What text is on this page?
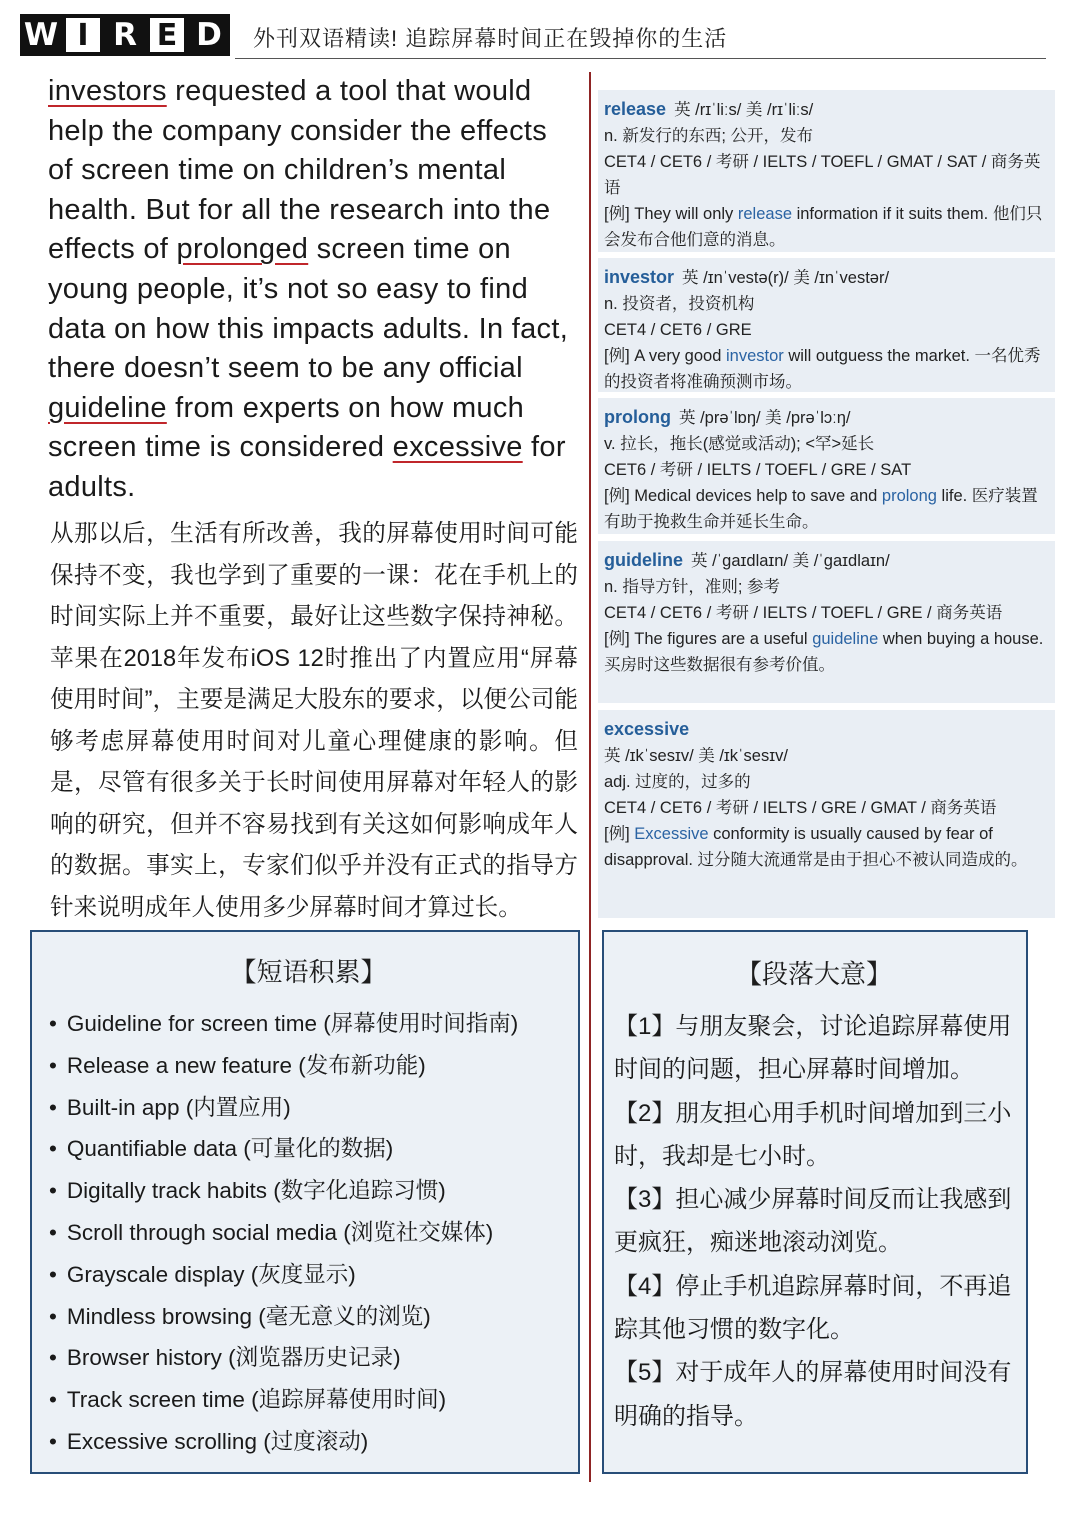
W I R E D	外刊双语精读! 追踪屏幕时间正在毁掉你的生活
investors requested a tool that would help the company consider the effects of screen time on children’s mental health. But for all the research into the effects of prolonged screen time on young people, it’s not so easy to find data on how this impacts adults. In fact, there doesn’t seem to be any official guideline from experts on how much screen time is considered excessive for adults.
从那以后，生活有所改善，我的屏幕使用时间可能保持不变，我也学到了重要的一课：花在手机上的时间实际上并不重要，最好让这些数字保持神秘。苹果在2018年发布iOS 12时推出了内置应用“屏幕使用时间”，主要是满足大股东的要求，以便公司能够考虑屏幕使用时间对儿童心理健康的影响。但是，尽管有很多关于长时间使用屏幕对年轻人的影响的研究，但并不容易找到有关这如何影响成年人的数据。事实上，专家们似乎并没有正式的指导方针来说明成年人使用多少屏幕时间才算过长。
release 英 /rɪˈliːs/ 美 /rɪˈliːs/
n. 新发行的东西; 公开，发布
CET4 / CET6 / 考研 / IELTS / TOEFL / GMAT / SAT / 商务英语
[例] They will only release information if it suits them. 他们只会发布合他们意的消息。
investor 英 /ɪnˈvestə(r)/ 美 /ɪnˈvestər/
n. 投资者，投资机构
CET4 / CET6 / GRE
[例] A very good investor will outguess the market. 一名优秀的投资者将准确预测市场。
prolong 英 /prəˈlɒŋ/ 美 /prəˈlɔːŋ/
v. 拉长，拖长(感觉或活动); <罕>延长
CET6 / 考研 / IELTS / TOEFL / GRE / SAT
[例] Medical devices help to save and prolong life. 医疗装置有助于挽救生命并延长生命。
guideline 英 /ˈɡaɪdlaɪn/ 美 /ˈɡaɪdlaɪn/
n. 指导方针，准则; 参考
CET4 / CET6 / 考研 / IELTS / TOEFL / GRE / 商务英语
[例] The figures are a useful guideline when buying a house. 买房时这些数据很有参考价值。
excessive
英 /ɪkˈsesɪv/ 美 /ɪkˈsesɪv/
adj. 过度的，过多的
CET4 / CET6 / 考研 / IELTS / GRE / GMAT / 商务英语
[例] Excessive conformity is usually caused by fear of disapproval. 过分随大流通常是由于担心不被认同造成的。
【短语积累】
• Guideline for screen time (屏幕使用时间指南)
• Release a new feature (发布新功能)
• Built-in app (内置应用)
• Quantifiable data (可量化的数据)
• Digitally track habits (数字化追踪习惯)
• Scroll through social media (浏览社交媒体)
• Grayscale display (灰度显示)
• Mindless browsing (毫无意义的浏览)
• Browser history (浏览器历史记录)
• Track screen time (追踪屏幕使用时间)
• Excessive scrolling (过度滚动)
【段落大意】

【1】与朋友聚会，讨论追踪屏幕使用时间的问题，担心屏幕时间增加。

【2】朋友担心用手机时间增加到三小时，我却是七小时。

【3】担心减少屏幕时间反而让我感到更疯狂，痴迷地滚动浏览。

【4】停止手机追踪屏幕时间，不再追踪其他习惯的数字化。

【5】对于成年人的屏幕使用时间没有明确的指导。
